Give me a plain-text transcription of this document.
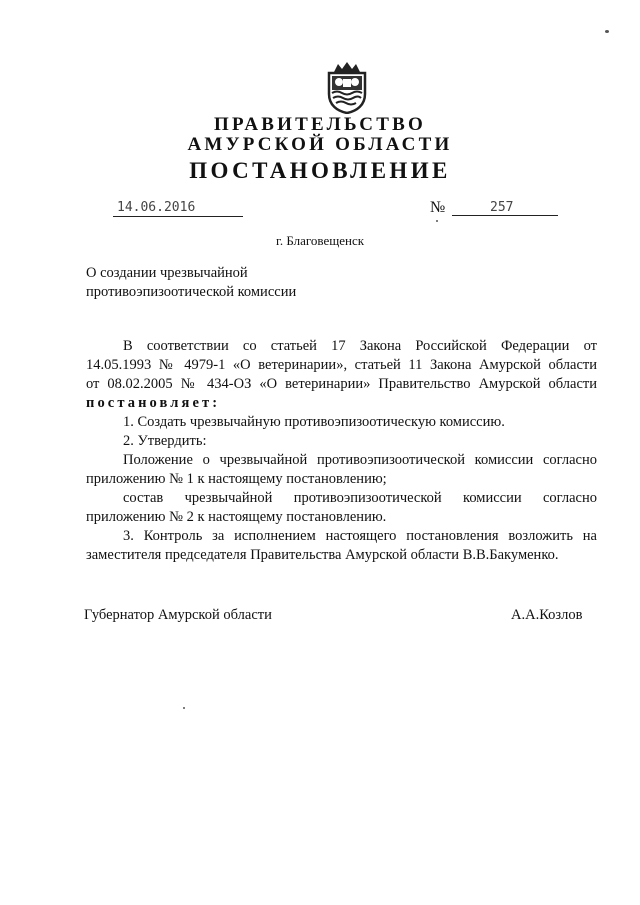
ПРАВИТЕЛЬСТВО
АМУРСКОЙ ОБЛАСТИ
ПОСТАНОВЛЕНИЕ
14.06.2016	№	257
г. Благовещенск
О создании чрезвычайной
противоэпизоотической комиссии

В соответствии со статьей 17 Закона Российской Федерации от

14.05.1993 № 4979-1 «О ветеринарии», статьей 11 Закона Амурской области

от 08.02.2005 № 434-ОЗ «О ветеринарии» Правительство Амурской области

постановляет:

1. Создать чрезвычайную противоэпизоотическую комиссию.

2. Утвердить:

Положение о чрезвычайной противоэпизоотической комиссии согласно

приложению № 1 к настоящему постановлению;

состав чрезвычайной противоэпизоотической комиссии согласно

приложению № 2 к настоящему постановлению.

3. Контроль за исполнением настоящего постановления возложить на

заместителя председателя Правительства Амурской области В.В.Бакуменко.

Губернатор Амурской области	А.А.Козлов
